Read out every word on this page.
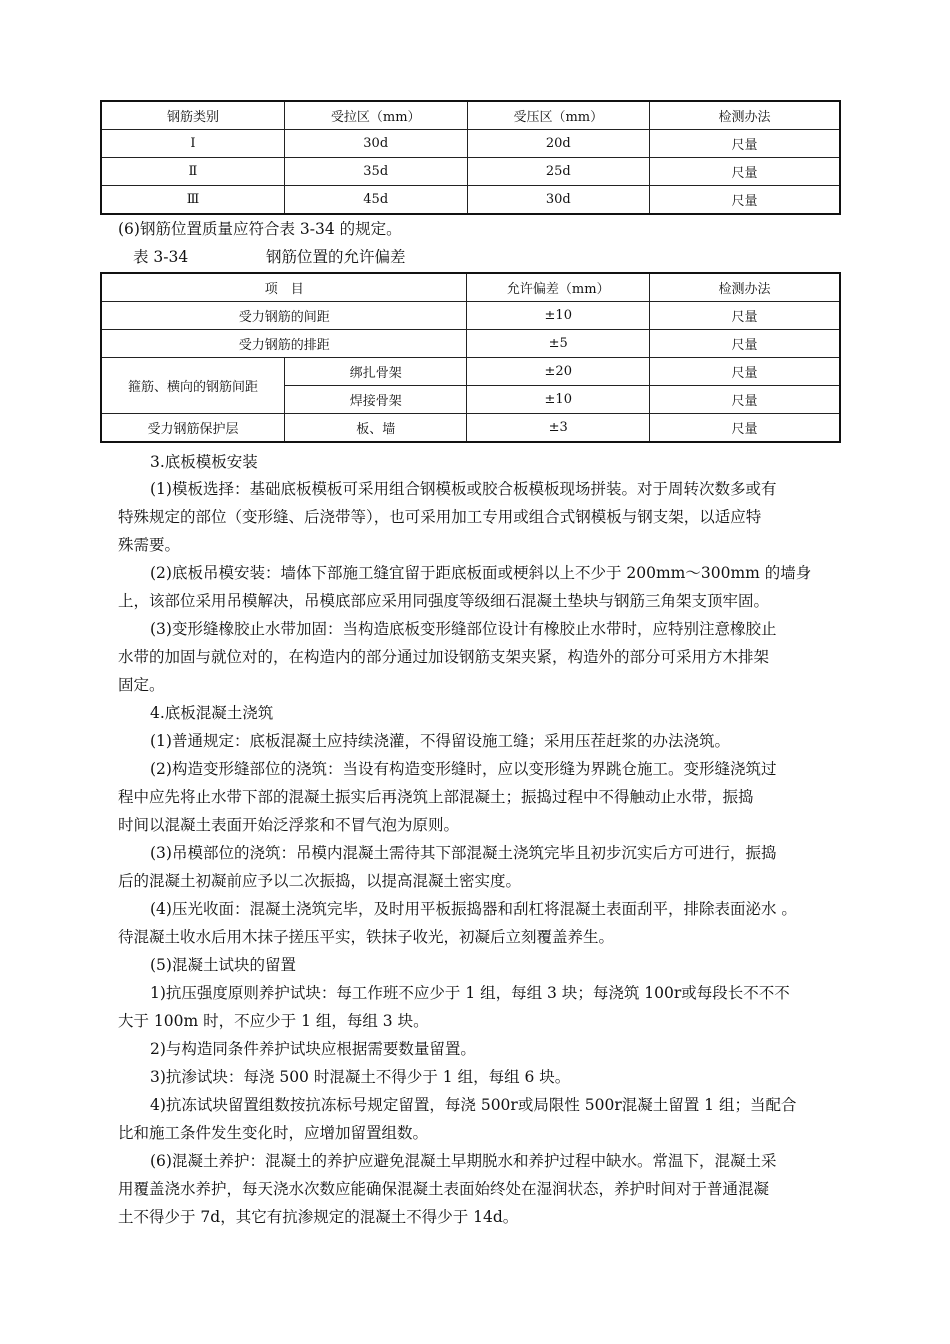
钢筋类别	受拉区（mm）	受压区（mm）	检测办法
Ⅰ	30d	20d	尺量
Ⅱ	35d	25d	尺量
Ⅲ	45d	30d	尺量
(6)钢筋位置质量应符合表 3-34 的规定。
表 3-34	钢筋位置的允许偏差
项　目		允许偏差（mm）	检测办法
受力钢筋的间距		±10	尺量
受力钢筋的排距		±5	尺量
箍筋、横向的钢筋间距	绑扎骨架	±20	尺量
	焊接骨架	±10	尺量
受力钢筋保护层	板、墙	±3	尺量
3.底板模板安装
(1)模板选择：基础底板模板可采用组合钢模板或胶合板模板现场拼装。对于周转次数多或有
特殊规定的部位（变形缝、后浇带等），也可采用加工专用或组合式钢模板与钢支架，以适应特
殊需要。
(2)底板吊模安装：墙体下部施工缝宜留于距底板面或梗斜以上不少于 200mm～300mm 的墙身
上，该部位采用吊模解决，吊模底部应采用同强度等级细石混凝土垫块与钢筋三角架支顶牢固。
(3)变形缝橡胶止水带加固：当构造底板变形缝部位设计有橡胶止水带时，应特别注意橡胶止
水带的加固与就位对的，在构造内的部分通过加设钢筋支架夹紧，构造外的部分可采用方木排架
固定。
4.底板混凝土浇筑
(1)普通规定：底板混凝土应持续浇灌，不得留设施工缝；采用压茬赶浆的办法浇筑。
(2)构造变形缝部位的浇筑：当设有构造变形缝时，应以变形缝为界跳仓施工。变形缝浇筑过
程中应先将止水带下部的混凝土振实后再浇筑上部混凝土；振捣过程中不得触动止水带，振捣
时间以混凝土表面开始泛浮浆和不冒气泡为原则。
(3)吊模部位的浇筑：吊模内混凝土需待其下部混凝土浇筑完毕且初步沉实后方可进行，振捣
后的混凝土初凝前应予以二次振捣，以提高混凝土密实度。
(4)压光收面：混凝土浇筑完毕，及时用平板振捣器和刮杠将混凝土表面刮平，排除表面泌水 。
待混凝土收水后用木抹子搓压平实，铁抹子收光，初凝后立刻覆盖养生。
(5)混凝土试块的留置
1)抗压强度原则养护试块：每工作班不应少于 1 组，每组 3 块；每浇筑 100r或每段长不不不
大于 100m 时，不应少于 1 组，每组 3 块。
2)与构造同条件养护试块应根据需要数量留置。
3)抗渗试块：每浇 500 时混凝土不得少于 1 组，每组 6 块。
4)抗冻试块留置组数按抗冻标号规定留置，每浇 500r或局限性 500r混凝土留置 1 组；当配合
比和施工条件发生变化时，应增加留置组数。
(6)混凝土养护：混凝土的养护应避免混凝土早期脱水和养护过程中缺水。常温下，混凝土采
用覆盖浇水养护，每天浇水次数应能确保混凝土表面始终处在湿润状态，养护时间对于普通混凝
土不得少于 7d，其它有抗渗规定的混凝土不得少于 14d。
